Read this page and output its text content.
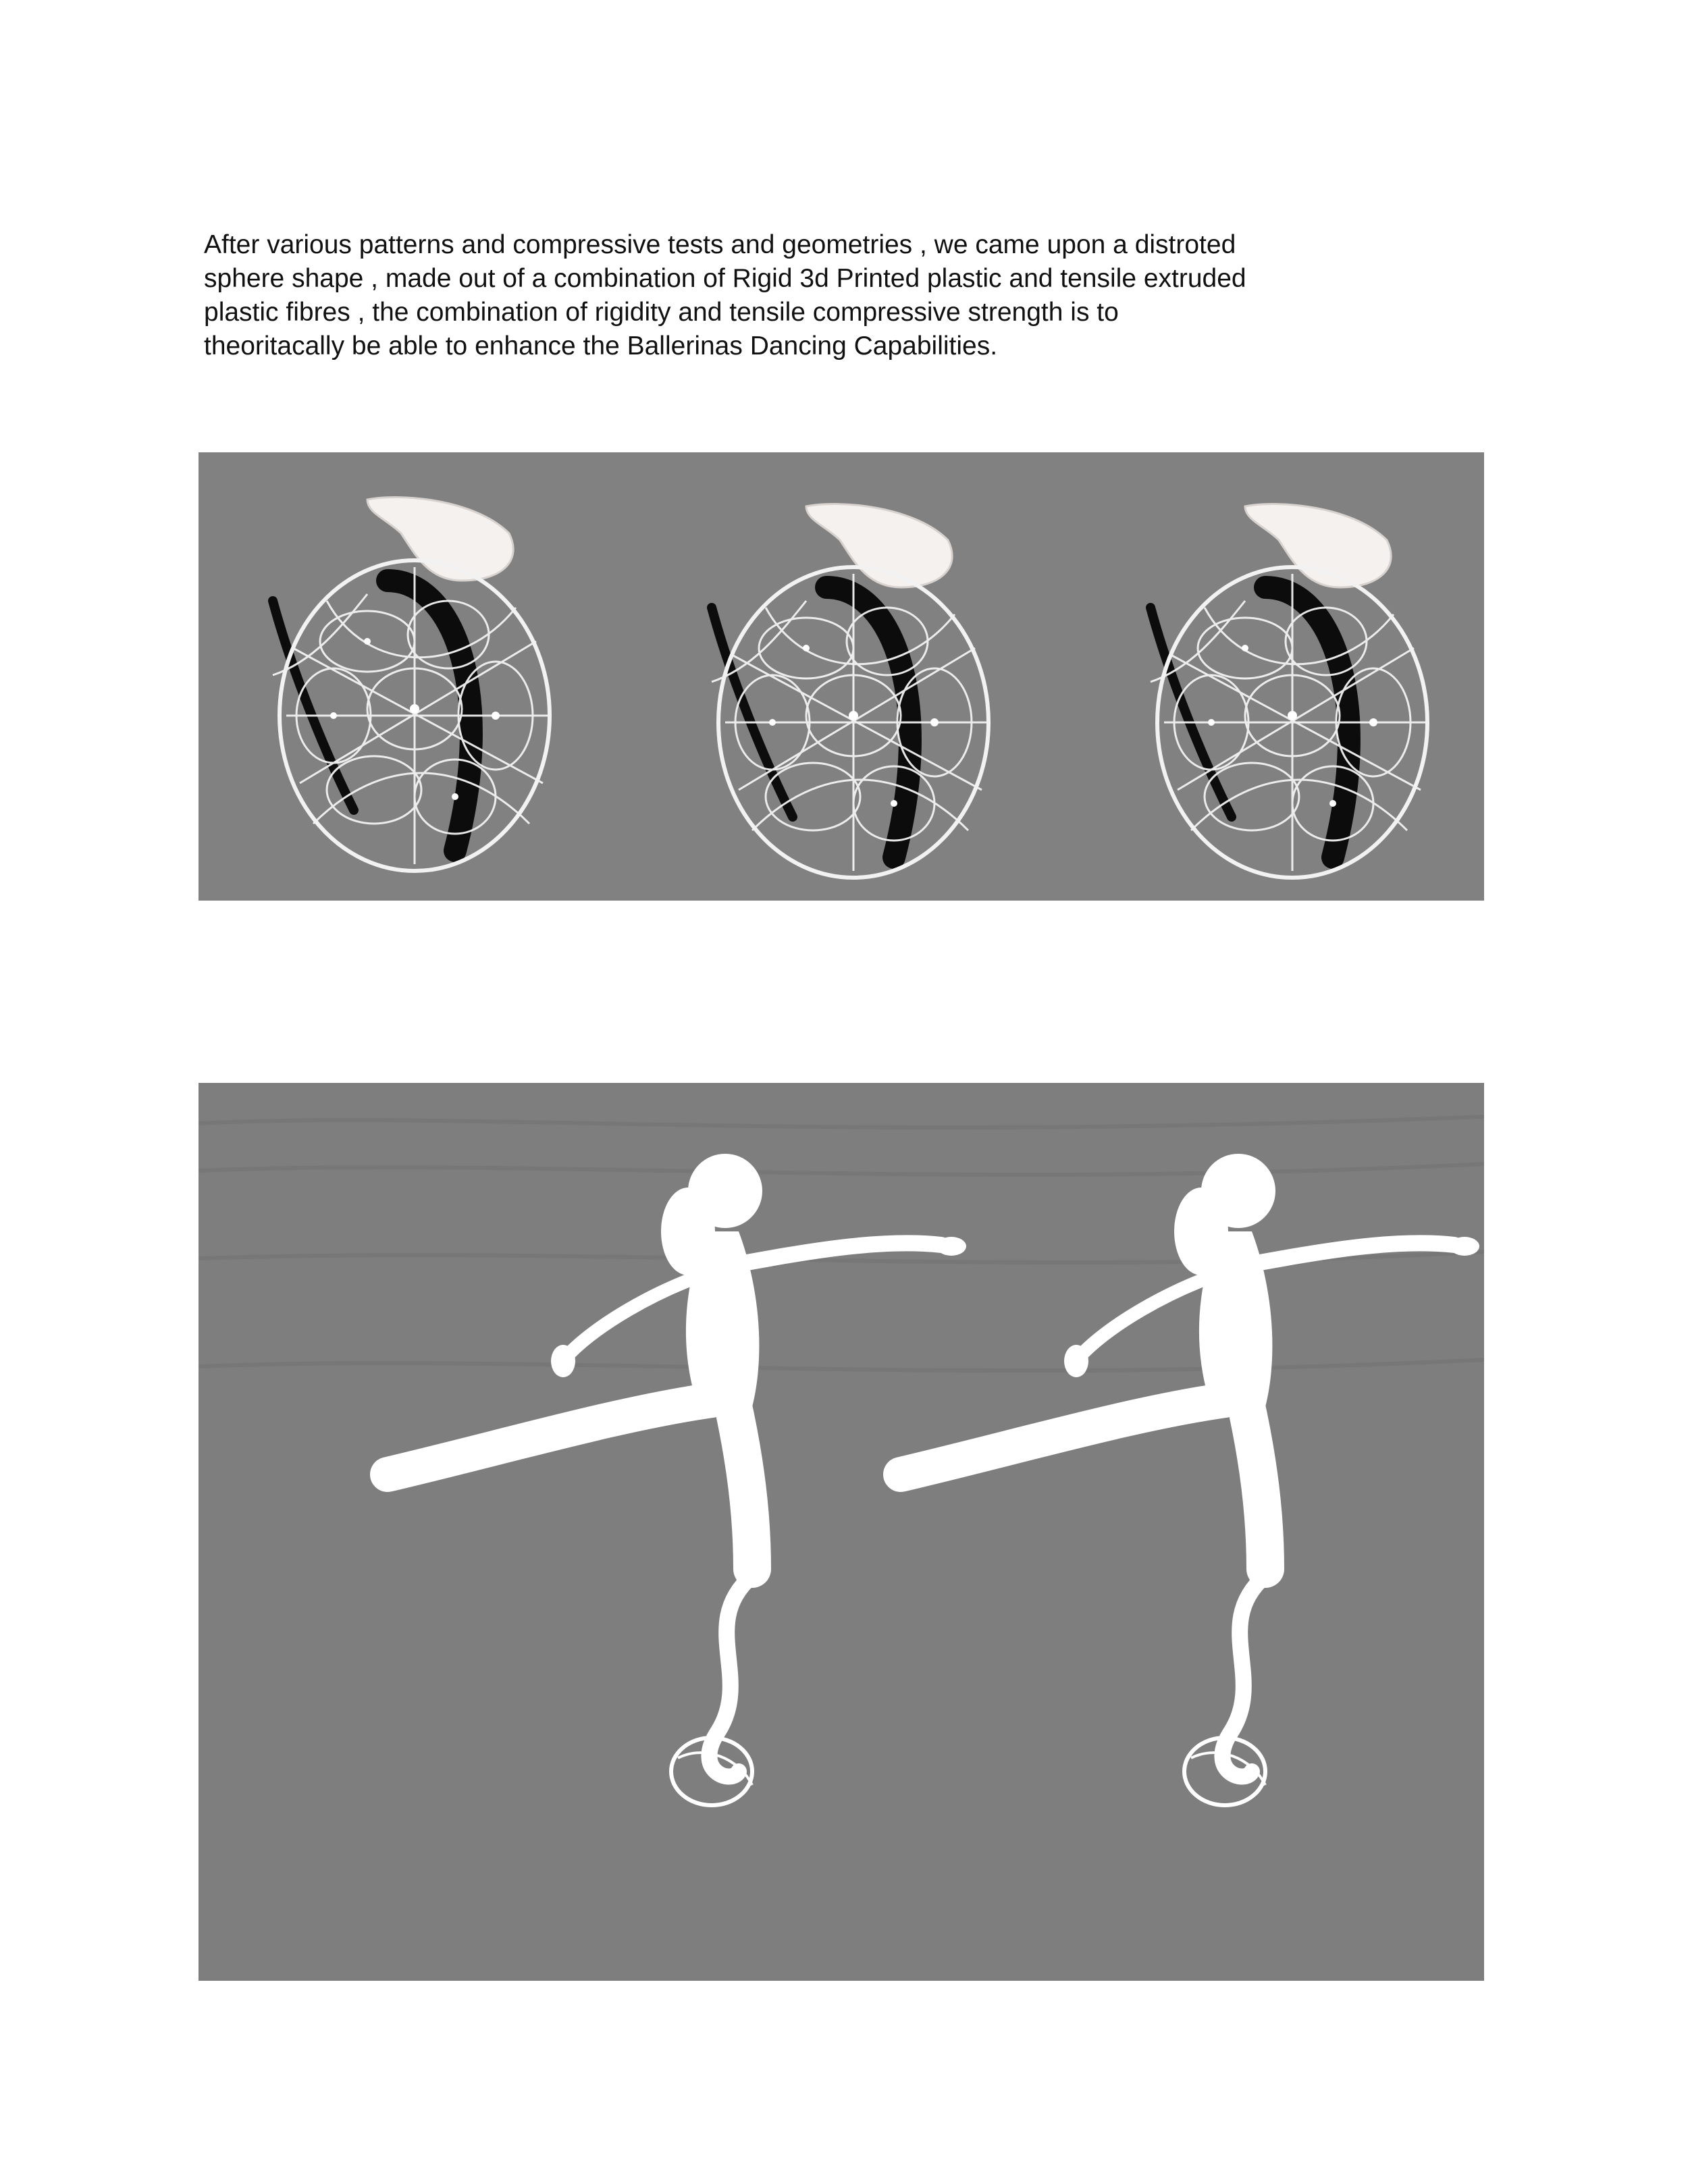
After various patterns and compressive tests and geometries , we came upon a distroted
sphere shape , made out of a combination of Rigid 3d Printed plastic and tensile extruded
plastic fibres , the combination of rigidity and tensile compressive strength is to
theoritacally be able to enhance the Ballerinas Dancing Capabilities.
